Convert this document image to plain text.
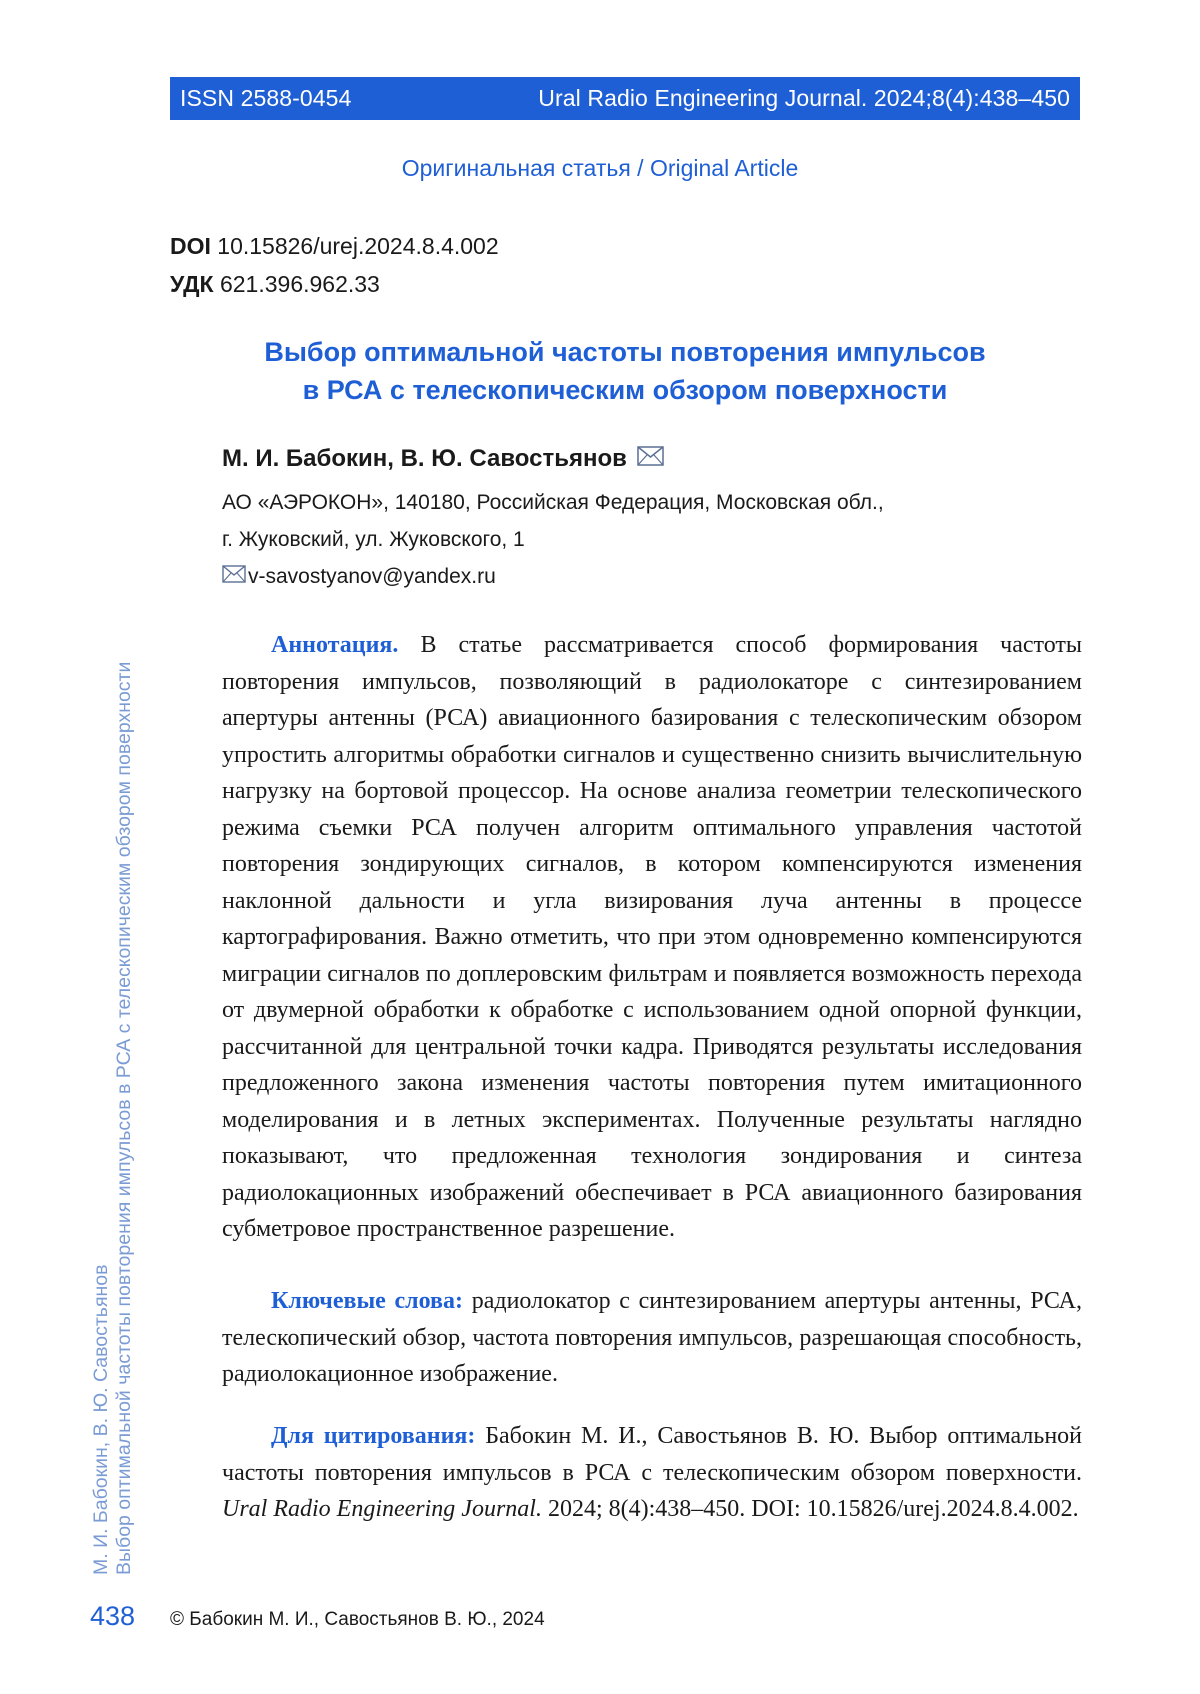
ISSN 2588-0454	Ural Radio Engineering Journal. 2024;8(4):438–450
Оригинальная статья / Original Article
DOI 10.15826/urej.2024.8.4.002
УДК 621.396.962.33
Выбор оптимальной частоты повторения импульсов
в РСА с телескопическим обзором поверхности
М. И. Бабокин, В. Ю. Савостьянов
АО «АЭРОКОН», 140180, Российская Федерация, Московская обл.,
г. Жуковский, ул. Жуковского, 1
v-savostyanov@yandex.ru
Аннотация. В статье рассматривается способ формирования частоты повторения импульсов, позволяющий в радиолокаторе с синтезированием апертуры антенны (РСА) авиационного базирования с телескопическим обзором упростить алгоритмы обработки сигналов и существенно снизить вычислительную нагрузку на бортовой процессор. На основе анализа геометрии телескопического режима съемки РСА получен алгоритм оптимального управления частотой повторения зондирующих сигналов, в котором компенсируются изменения наклонной дальности и угла визирования луча антенны в процессе картографирования. Важно отметить, что при этом одновременно компенсируются миграции сигналов по доплеровским фильтрам и появляется возможность перехода от двумерной обработки к обработке с использованием одной опорной функции, рассчитанной для центральной точки кадра. Приводятся результаты исследования предложенного закона изменения частоты повторения путем имитационного моделирования и в летных экспериментах. Полученные результаты наглядно показывают, что предложенная технология зондирования и синтеза радиолокационных изображений обеспечивает в РСА авиационного базирования субметровое пространственное разрешение.
Ключевые слова: радиолокатор с синтезированием апертуры антенны, РСА, телескопический обзор, частота повторения импульсов, разрешающая способность, радиолокационное изображение.
Для цитирования: Бабокин М. И., Савостьянов В. Ю. Выбор оптимальной частоты повторения импульсов в РСА с телескопическим обзором поверхности. Ural Radio Engineering Journal. 2024; 8(4):438–450. DOI: 10.15826/urej.2024.8.4.002.
М. И. Бабокин, В. Ю. Савостьянов Выбор оптимальной частоты повторения импульсов в РСА с телескопическим обзором поверхности
438	© Бабокин М. И., Савостьянов В. Ю., 2024
